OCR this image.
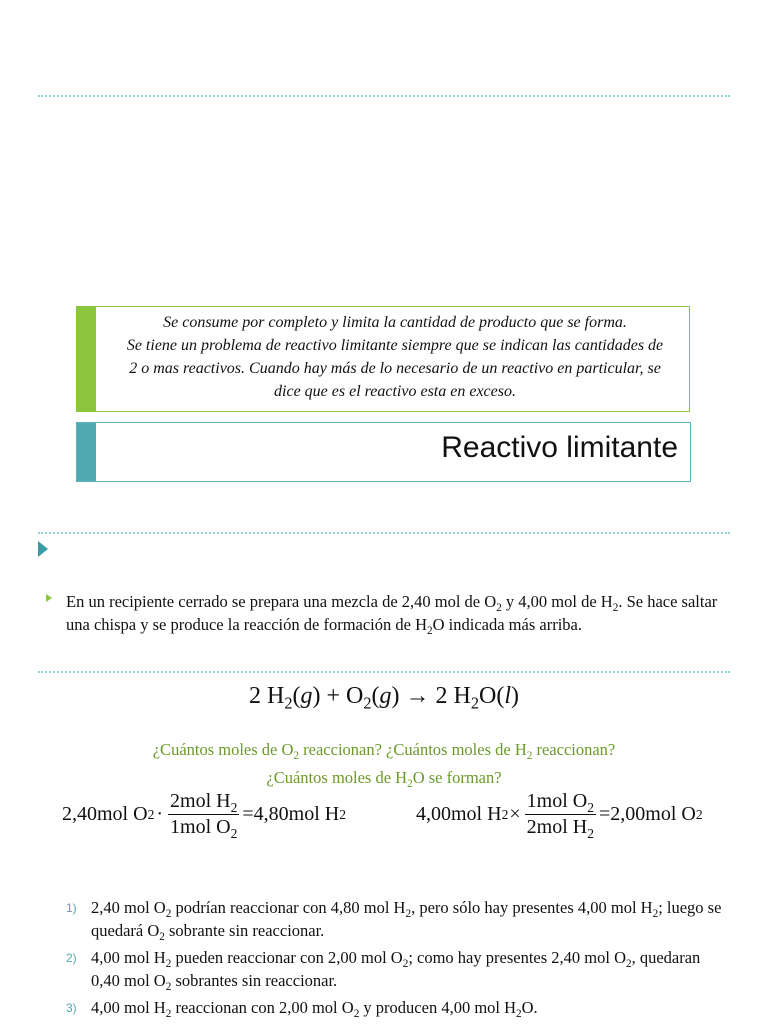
Se consume por completo y limita la cantidad de producto que se forma.
Se tiene un problema de reactivo limitante siempre que se indican las cantidades de 2 o mas reactivos. Cuando hay más de lo necesario de un reactivo en particular, se dice que es el reactivo esta en exceso.
Reactivo limitante
En un recipiente cerrado se prepara una mezcla de 2,40 mol de $O_2$ y 4,00 mol de $H_2$. Se hace saltar una chispa y se produce la reacción de formación de $H_2O$ indicada más arriba.
2 $H_2(g) + O_2(g) \to 2$ $H_2O(l)$
¿Cuántos moles de $O_2$ reaccionan? ¿Cuántos moles de $H_2$ reaccionan?
¿Cuántos moles de $H_2O$ se forman?
2,40mol O $2 \cdot \frac{2mol H_2}{1mol O_2} =4,80mol$ H 2	4,00mol H $2 \times \frac{1mol O_2}{2mol H_2} =2,00mol$ O 2
1) 2,40 mol $O_2$ podrían reaccionar con 4,80 mol $H_2$, pero sólo hay presentes 4,00 mol $H_2$; luego se quedará $O_2$ sobrante sin reaccionar.
2) 4,00 mol $H_2$ pueden reaccionar con 2,00 mol $O_2$; como hay presentes 2,40 mol $O_2$, quedaran 0,40 mol $O_2$ sobrantes sin reaccionar.
3) 4,00 mol $H_2$ reaccionan con 2,00 mol $O_2$ y producen 4,00 mol $H_2O$.
